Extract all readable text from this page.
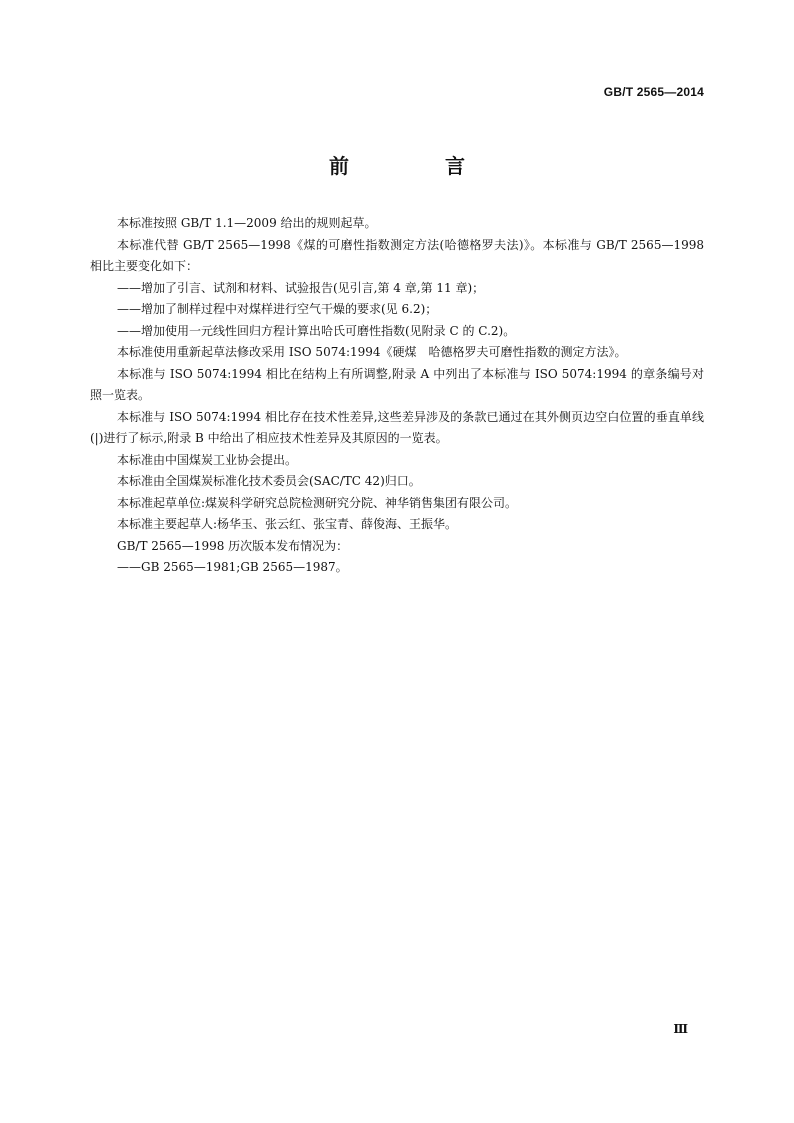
GB/T 2565—2014
前　言

本标准按照 GB/T 1.1—2009 给出的规则起草。

本标准代替 GB/T 2565—1998《煤的可磨性指数测定方法(哈德格罗夫法)》。本标准与 GB/T 2565—1998 相比主要变化如下：

——增加了引言、试剂和材料、试验报告(见引言,第 4 章,第 11 章)；

——增加了制样过程中对煤样进行空气干燥的要求(见 6.2)；

——增加使用一元线性回归方程计算出哈氏可磨性指数(见附录 C 的 C.2)。

本标准使用重新起草法修改采用 ISO 5074:1994《硬煤　哈德格罗夫可磨性指数的测定方法》。

本标准与 ISO 5074:1994 相比在结构上有所调整,附录 A 中列出了本标准与 ISO 5074:1994 的章条编号对照一览表。

本标准与 ISO 5074:1994 相比存在技术性差异,这些差异涉及的条款已通过在其外侧页边空白位置的垂直单线(|)进行了标示,附录 B 中给出了相应技术性差异及其原因的一览表。

本标准由中国煤炭工业协会提出。

本标准由全国煤炭标准化技术委员会(SAC/TC 42)归口。

本标准起草单位:煤炭科学研究总院检测研究分院、神华销售集团有限公司。

本标准主要起草人:杨华玉、张云红、张宝青、薛俊海、王振华。

GB/T 2565—1998 历次版本发布情况为：

——GB 2565—1981;GB 2565—1987。

Ⅲ
